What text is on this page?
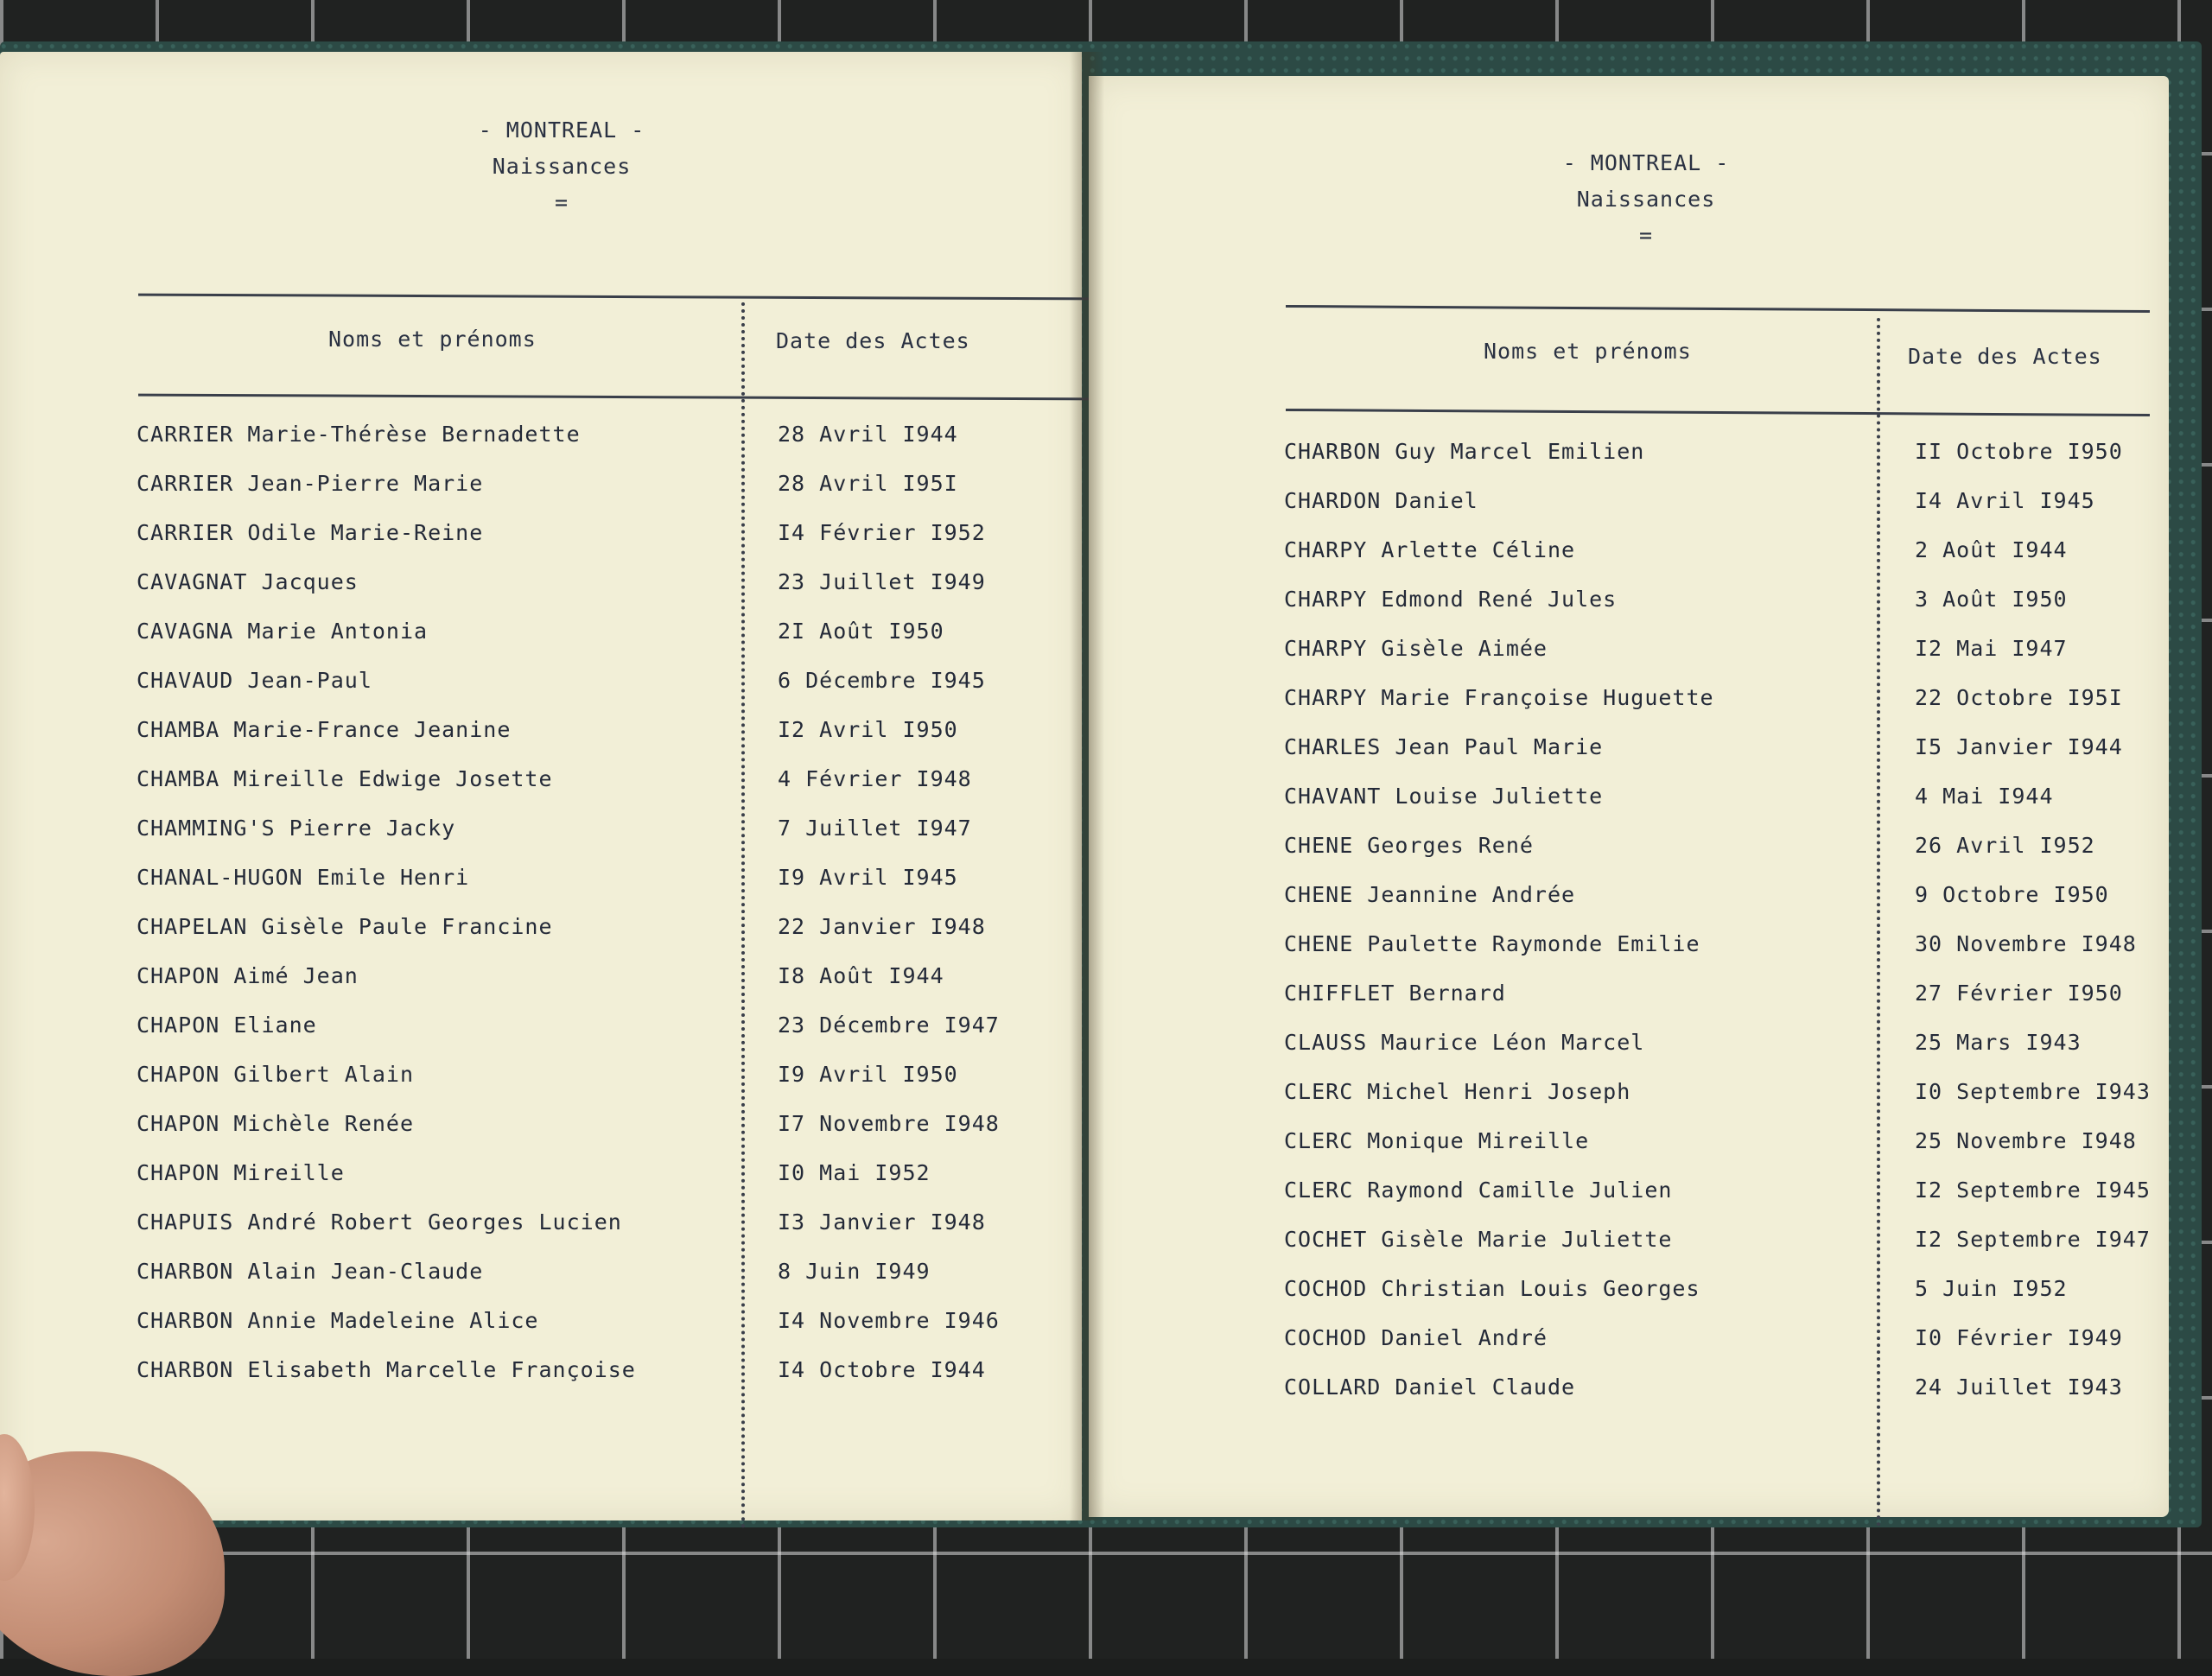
- MONTREAL -
Naissances
=
Noms et prénoms	Date des Actes
CARRIER Marie-Thérèse Bernadette	28 Avril I944
CARRIER Jean-Pierre Marie	28 Avril I95I
CARRIER Odile Marie-Reine	I4 Février I952
CAVAGNAT Jacques	23 Juillet I949
CAVAGNA Marie Antonia	2I Août I950
CHAVAUD Jean-Paul	6 Décembre I945
CHAMBA Marie-France Jeanine	I2 Avril I950
CHAMBA Mireille Edwige Josette	4 Février I948
CHAMMING'S Pierre Jacky	7 Juillet I947
CHANAL-HUGON Emile Henri	I9 Avril I945
CHAPELAN Gisèle Paule Francine	22 Janvier I948
CHAPON Aimé Jean	I8 Août I944
CHAPON Eliane	23 Décembre I947
CHAPON Gilbert Alain	I9 Avril I950
CHAPON Michèle Renée	I7 Novembre I948
CHAPON Mireille	I0 Mai I952
CHAPUIS André Robert Georges Lucien	I3 Janvier I948
CHARBON Alain Jean-Claude	8 Juin I949
CHARBON Annie Madeleine Alice	I4 Novembre I946
CHARBON Elisabeth Marcelle Françoise	I4 Octobre I944
- MONTREAL -
Naissances
=
Noms et prénoms	Date des Actes
CHARBON Guy Marcel Emilien	II Octobre I950
CHARDON Daniel	I4 Avril I945
CHARPY Arlette Céline	2 Août I944
CHARPY Edmond René Jules	3 Août I950
CHARPY Gisèle Aimée	I2 Mai I947
CHARPY Marie Françoise Huguette	22 Octobre I95I
CHARLES Jean Paul Marie	I5 Janvier I944
CHAVANT Louise Juliette	4 Mai I944
CHENE Georges René	26 Avril I952
CHENE Jeannine Andrée	9 Octobre I950
CHENE Paulette Raymonde Emilie	30 Novembre I948
CHIFFLET Bernard	27 Février I950
CLAUSS Maurice Léon Marcel	25 Mars I943
CLERC Michel Henri Joseph	I0 Septembre I943
CLERC Monique Mireille	25 Novembre I948
CLERC Raymond Camille Julien	I2 Septembre I945
COCHET Gisèle Marie Juliette	I2 Septembre I947
COCHOD Christian Louis Georges	5 Juin I952
COCHOD Daniel André	I0 Février I949
COLLARD Daniel Claude	24 Juillet I943
